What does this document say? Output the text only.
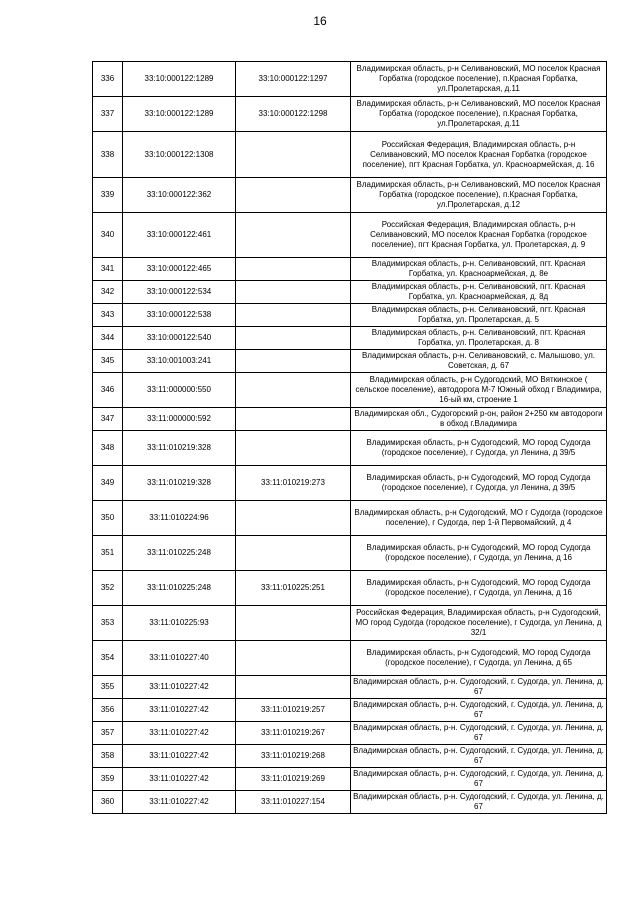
16
336	33:10:000122:1289	33:10:000122:1297	Владимирская область, р-н Селивановский, МО поселок Красная Горбатка (городское поселение), п.Красная Горбатка, ул.Пролетарская, д.11
337	33:10:000122:1289	33:10:000122:1298	Владимирская область, р-н Селивановский, МО поселок Красная Горбатка (городское поселение), п.Красная Горбатка, ул.Пролетарская, д.11
338	33:10:000122:1308		Российская Федерация, Владимирская область, р-н Селивановский, МО поселок Красная Горбатка (городское поселение), пгт Красная Горбатка, ул. Красноармейская, д. 16
339	33:10:000122:362		Владимирская область, р-н Селивановский, МО поселок Красная Горбатка (городское поселение), п.Красная Горбатка, ул.Пролетарская, д.12
340	33:10:000122:461		Российская Федерация, Владимирская область, р-н Селивановский, МО поселок Красная Горбатка (городское поселение), пгт Красная Горбатка, ул. Пролетарская, д. 9
341	33:10:000122:465		Владимирская область, р-н. Селивановский, пгт. Красная Горбатка, ул. Красноармейская, д. 8е
342	33:10:000122:534		Владимирская область, р-н. Селивановский, пгт. Красная Горбатка, ул. Красноармейская, д. 8д
343	33:10:000122:538		Владимирская область, р-н. Селивановский, пгт. Красная Горбатка, ул. Пролетарская, д. 5
344	33:10:000122:540		Владимирская область, р-н. Селивановский, пгт. Красная Горбатка, ул. Пролетарская, д. 8
345	33:10:001003:241		Владимирская область, р-н. Селивановский, с. Малышово, ул. Советская, д. 67
346	33:11:000000:550		Владимирская область, р-н Судогодский, МО Вяткинское ( сельское поселение), автодорога М-7 Южный обход г Владимира, 16-ый км, строение 1
347	33:11:000000:592		Владимирская обл., Судогорский р-он, район 2+250 км автодороги в обход г.Владимира
348	33:11:010219:328		Владимирская область, р-н Судогодский, МО город Судогда (городское поселение), г Судогда, ул Ленина, д 39/5
349	33:11:010219:328	33:11:010219:273	Владимирская область, р-н Судогодский, МО город Судогда (городское поселение), г Судогда, ул Ленина, д 39/5
350	33:11:010224:96		Владимирская область, р-н Судогодский, МО г Судогда (городское поселение), г Судогда, пер 1-й Первомайский, д 4
351	33:11:010225:248		Владимирская область, р-н Судогодский, МО город Судогда (городское поселение), г Судогда, ул Ленина, д 16
352	33:11:010225:248	33:11:010225:251	Владимирская область, р-н Судогодский, МО город Судогда (городское поселение), г Судогда, ул Ленина, д 16
353	33:11:010225:93		Российская Федерация, Владимирская область, р-н Судогодский, МО город Судогда (городское поселение), г Судогда, ул Ленина, д 32/1
354	33:11:010227:40		Владимирская область, р-н Судогодский, МО город Судогда (городское поселение), г Судогда, ул Ленина, д 65
355	33:11:010227:42		Владимирская область, р-н. Судогодский, г. Судогда, ул. Ленина, д. 67
356	33:11:010227:42	33:11:010219:257	Владимирская область, р-н. Судогодский, г. Судогда, ул. Ленина, д. 67
357	33:11:010227:42	33:11:010219:267	Владимирская область, р-н. Судогодский, г. Судогда, ул. Ленина, д. 67
358	33:11:010227:42	33:11:010219:268	Владимирская область, р-н. Судогодский, г. Судогда, ул. Ленина, д. 67
359	33:11:010227:42	33:11:010219:269	Владимирская область, р-н. Судогодский, г. Судогда, ул. Ленина, д. 67
360	33:11:010227:42	33:11:010227:154	Владимирская область, р-н. Судогодский, г. Судогда, ул. Ленина, д. 67
